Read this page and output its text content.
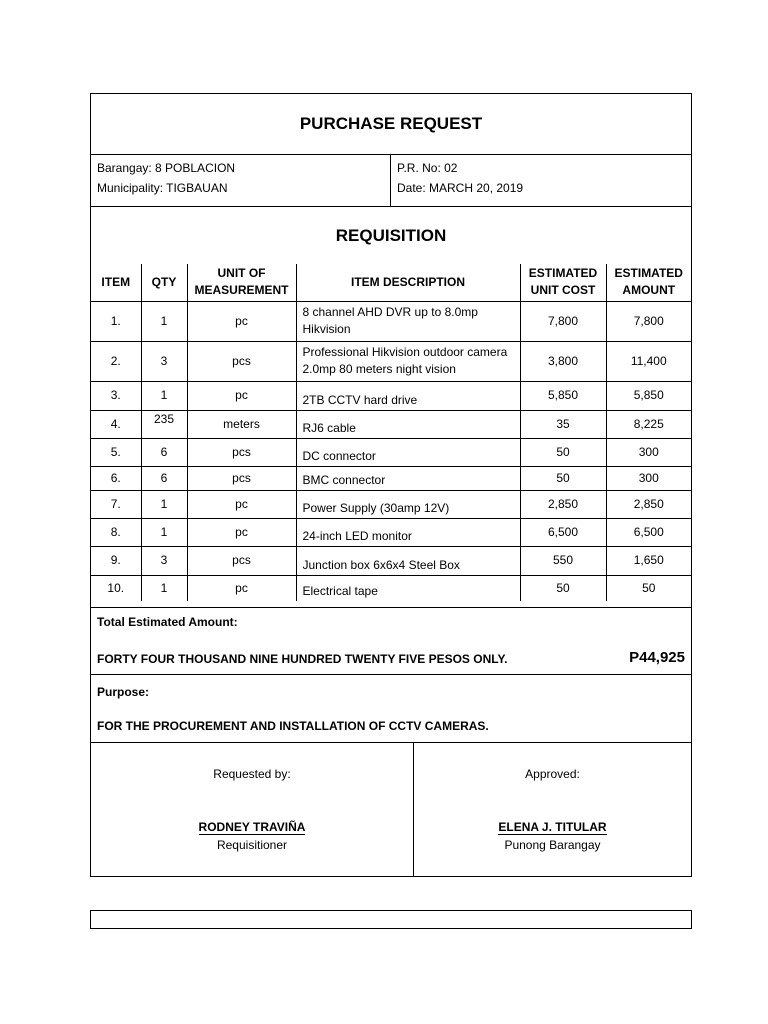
PURCHASE REQUEST
Barangay: 8 POBLACION
Municipality: TIGBAUAN
P.R. No: 02
Date: MARCH 20, 2019
REQUISITION
ITEM	QTY	UNIT OF MEASUREMENT	ITEM DESCRIPTION	ESTIMATED UNIT COST	ESTIMATED AMOUNT
1.	1	pc	8 channel AHD DVR up to 8.0mp Hikvision	7,800	7,800
2.	3	pcs	Professional Hikvision outdoor camera 2.0mp 80 meters night vision	3,800	11,400
3.	1	pc	2TB CCTV hard drive	5,850	5,850
4.	235	meters	RJ6 cable	35	8,225
5.	6	pcs	DC connector	50	300
6.	6	pcs	BMC connector	50	300
7.	1	pc	Power Supply (30amp 12V)	2,850	2,850
8.	1	pc	24-inch LED monitor	6,500	6,500
9.	3	pcs	Junction box 6x6x4 Steel Box	550	1,650
10.	1	pc	Electrical tape	50	50
Total Estimated Amount:
FORTY FOUR THOUSAND NINE HUNDRED TWENTY FIVE PESOS ONLY.	P44,925
Purpose:
FOR THE PROCUREMENT AND INSTALLATION OF CCTV CAMERAS.
Requested by:
RODNEY TRAVIÑA
Requisitioner
Approved:
ELENA J. TITULAR
Punong Barangay
